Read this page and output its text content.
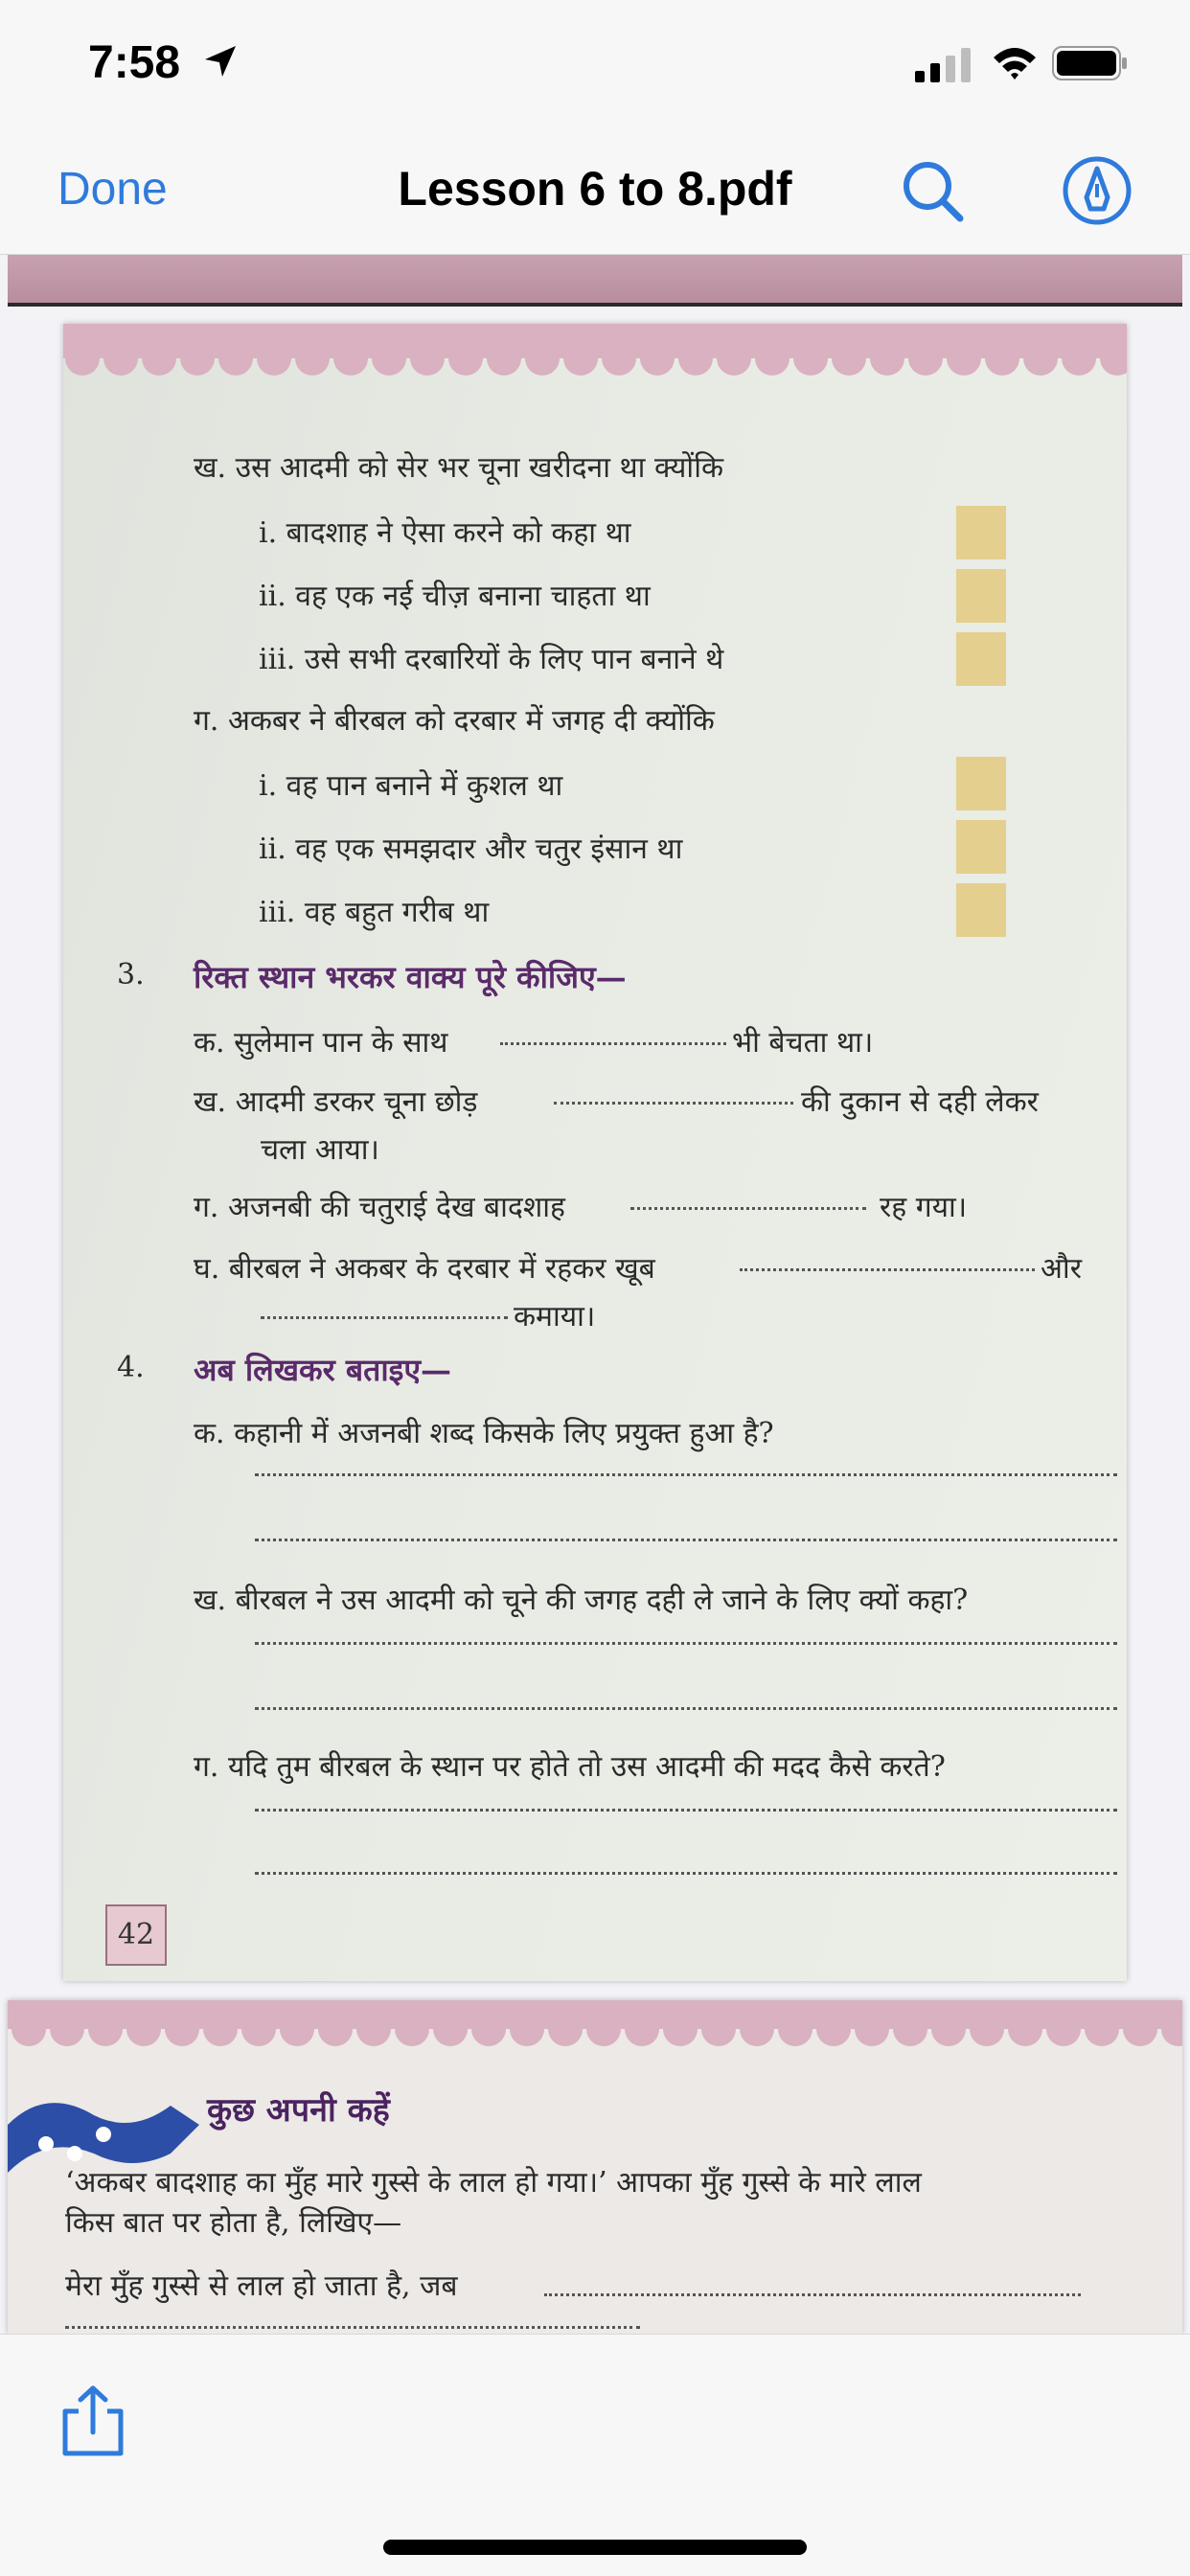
7:58
Done	Lesson 6 to 8.pdf
ख. उस आदमी को सेर भर चूना खरीदना था क्योंकि
i. बादशाह ने ऐसा करने को कहा था
ii. वह एक नई चीज़ बनाना चाहता था
iii. उसे सभी दरबारियों के लिए पान बनाने थे
ग. अकबर ने बीरबल को दरबार में जगह दी क्योंकि
i. वह पान बनाने में कुशल था
ii. वह एक समझदार और चतुर इंसान था
iii. वह बहुत गरीब था
3. रिक्त स्थान भरकर वाक्य पूरे कीजिए—
क. सुलेमान पान के साथ	भी बेचता था।
ख. आदमी डरकर चूना छोड़	की दुकान से दही लेकर
चला आया।
ग. अजनबी की चतुराई देख बादशाह	रह गया।
घ. बीरबल ने अकबर के दरबार में रहकर खूब	और
कमाया।
4. अब लिखकर बताइए—
क. कहानी में अजनबी शब्द किसके लिए प्रयुक्त हुआ है?
ख. बीरबल ने उस आदमी को चूने की जगह दही ले जाने के लिए क्यों कहा?
ग. यदि तुम बीरबल के स्थान पर होते तो उस आदमी की मदद कैसे करते?
42
कुछ अपनी कहें
‘अकबर बादशाह का मुँह मारे गुस्से के लाल हो गया।’ आपका मुँह गुस्से के मारे लाल
किस बात पर होता है, लिखिए—
मेरा मुँह गुस्से से लाल हो जाता है, जब
